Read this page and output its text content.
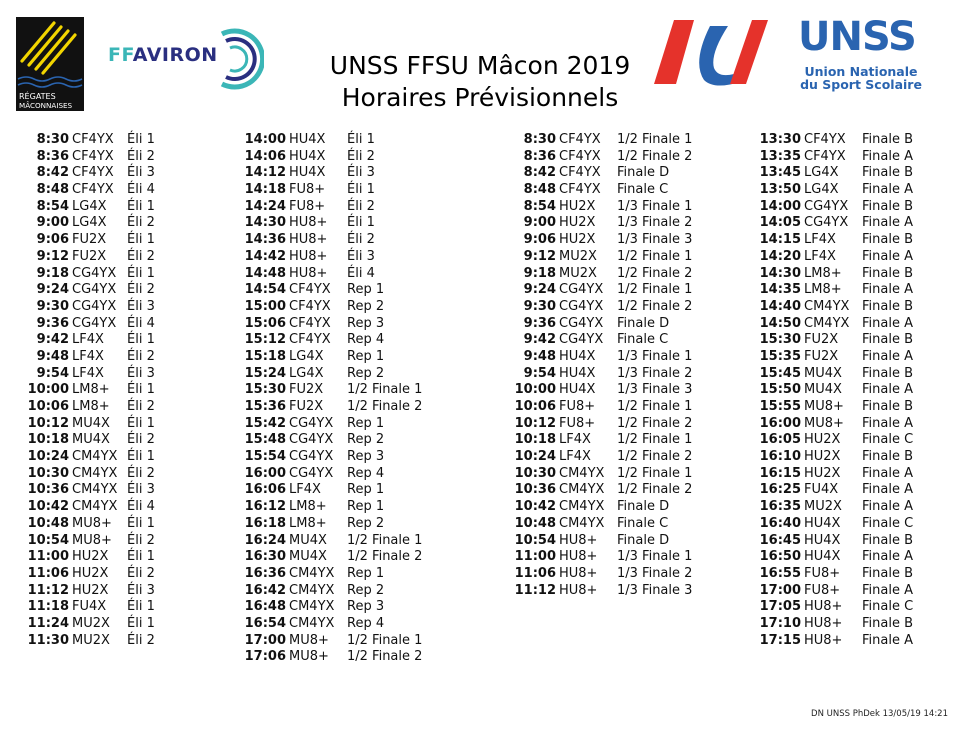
RÉGATES
MÂCONNAISES
FFAVIRON	UNSS FFSU Mâcon 2019
Horaires Prévisionnels
UNSS
Union Nationale
du Sport Scolaire
8:30 CF4YX	Éli 1
8:36 CF4YX	Éli 2
8:42 CF4YX	Éli 3
8:48 CF4YX	Éli 4
8:54 LG4X	Éli 1
9:00 LG4X	Éli 2
9:06 FU2X	Éli 1
9:12 FU2X	Éli 2
9:18 CG4YX Éli 1
9:24 CG4YX Éli 2
9:30 CG4YX Éli 3
9:36 CG4YX Éli 4
9:42 LF4X	Éli 1
9:48 LF4X	Éli 2
9:54 LF4X	Éli 3
10:00 LM8+	Éli 1
10:06 LM8+	Éli 2
10:12 MU4X	Éli 1
10:18 MU4X	Éli 2
10:24 CM4YX Éli 1
10:30 CM4YX Éli 2
10:36 CM4YX Éli 3
10:42 CM4YX Éli 4
10:48 MU8+	Éli 1
10:54 MU8+	Éli 2
11:00 HU2X	Éli 1
11:06 HU2X	Éli 2
11:12 HU2X	Éli 3
11:18 FU4X	Éli 1
11:24 MU2X	Éli 1
11:30 MU2X	Éli 2
14:00 HU4X	Éli 1
14:06 HU4X	Éli 2
14:12 HU4X	Éli 3
14:18 FU8+	Éli 1
14:24 FU8+	Éli 2
14:30 HU8+	Éli 1
14:36 HU8+	Éli 2
14:42 HU8+	Éli 3
14:48 HU8+	Éli 4
14:54 CF4YX	Rep 1
15:00 CF4YX	Rep 2
15:06 CF4YX	Rep 3
15:12 CF4YX	Rep 4
15:18 LG4X	Rep 1
15:24 LG4X	Rep 2
15:30 FU2X	1/2 Finale 1
15:36 FU2X	1/2 Finale 2
15:42 CG4YX	Rep 1
15:48 CG4YX	Rep 2
15:54 CG4YX	Rep 3
16:00 CG4YX	Rep 4
16:06 LF4X	Rep 1
16:12 LM8+	Rep 1
16:18 LM8+	Rep 2
16:24 MU4X	1/2 Finale 1
16:30 MU4X	1/2 Finale 2
16:36 CM4YX Rep 1
16:42 CM4YX Rep 2
16:48 CM4YX Rep 3
16:54 CM4YX Rep 4
17:00 MU8+	1/2 Finale 1
17:06 MU8+	1/2 Finale 2
8:30 CF4YX	1/2 Finale 1
8:36 CF4YX	1/2 Finale 2
8:42 CF4YX	Finale D
8:48 CF4YX	Finale C
8:54 HU2X	1/3 Finale 1
9:00 HU2X	1/3 Finale 2
9:06 HU2X	1/3 Finale 3
9:12 MU2X	1/2 Finale 1
9:18 MU2X	1/2 Finale 2
9:24 CG4YX	1/2 Finale 1
9:30 CG4YX	1/2 Finale 2
9:36 CG4YX	Finale D
9:42 CG4YX	Finale C
9:48 HU4X	1/3 Finale 1
9:54 HU4X	1/3 Finale 2
10:00 HU4X	1/3 Finale 3
10:06 FU8+	1/2 Finale 1
10:12 FU8+	1/2 Finale 2
10:18 LF4X	1/2 Finale 1
10:24 LF4X	1/2 Finale 2
10:30 CM4YX 1/2 Finale 1
10:36 CM4YX 1/2 Finale 2
10:42 CM4YX Finale D
10:48 CM4YX Finale C
10:54 HU8+	Finale D
11:00 HU8+	1/3 Finale 1
11:06 HU8+	1/3 Finale 2
11:12 HU8+	1/3 Finale 3
13:30 CF4YX	Finale B
13:35 CF4YX	Finale A
13:45 LG4X	Finale B
13:50 LG4X	Finale A
14:00 CG4YX	Finale B
14:05 CG4YX	Finale A
14:15 LF4X	Finale B
14:20 LF4X	Finale A
14:30 LM8+	Finale B
14:35 LM8+	Finale A
14:40 CM4YX Finale B
14:50 CM4YX Finale A
15:30 FU2X	Finale B
15:35 FU2X	Finale A
15:45 MU4X	Finale B
15:50 MU4X	Finale A
15:55 MU8+	Finale B
16:00 MU8+	Finale A
16:05 HU2X	Finale C
16:10 HU2X	Finale B
16:15 HU2X	Finale A
16:25 FU4X	Finale A
16:35 MU2X	Finale A
16:40 HU4X	Finale C
16:45 HU4X	Finale B
16:50 HU4X	Finale A
16:55 FU8+	Finale B
17:00 FU8+	Finale A
17:05 HU8+	Finale C
17:10 HU8+	Finale B
17:15 HU8+	Finale A
DN UNSS PhDek 13/05/19 14:21
